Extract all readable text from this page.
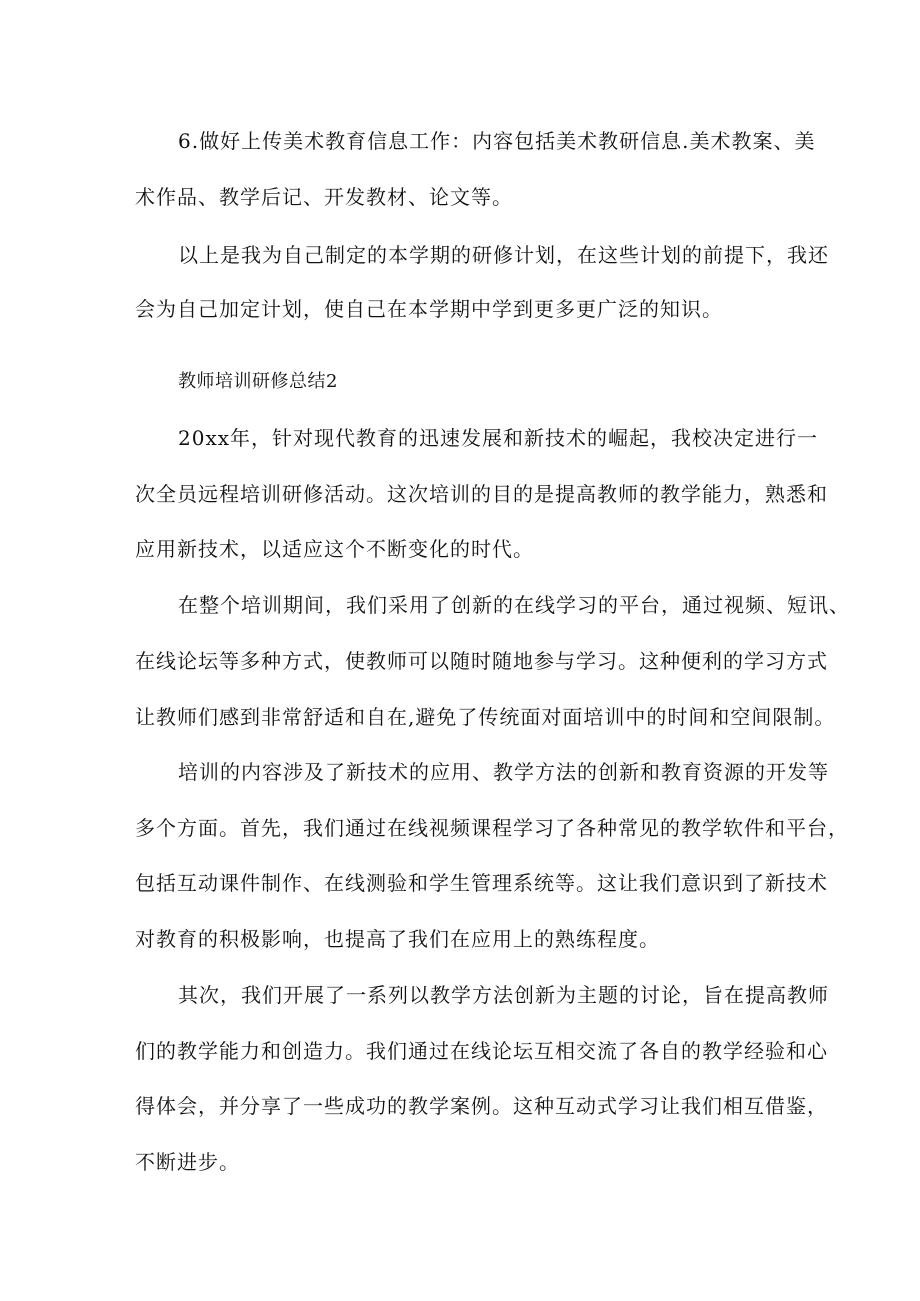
6.做好上传美术教育信息工作：内容包括美术教研信息.美术教案、美
术作品、教学后记、开发教材、论文等。
以上是我为自己制定的本学期的研修计划，在这些计划的前提下，我还
会为自己加定计划，使自己在本学期中学到更多更广泛的知识。
教师培训研修总结2
20xx年，针对现代教育的迅速发展和新技术的崛起，我校决定进行一
次全员远程培训研修活动。这次培训的目的是提高教师的教学能力，熟悉和
应用新技术，以适应这个不断变化的时代。
在整个培训期间，我们采用了创新的在线学习的平台，通过视频、短讯、
在线论坛等多种方式，使教师可以随时随地参与学习。这种便利的学习方式
让教师们感到非常舒适和自在,避免了传统面对面培训中的时间和空间限制。
培训的内容涉及了新技术的应用、教学方法的创新和教育资源的开发等
多个方面。首先，我们通过在线视频课程学习了各种常见的教学软件和平台，
包括互动课件制作、在线测验和学生管理系统等。这让我们意识到了新技术
对教育的积极影响，也提高了我们在应用上的熟练程度。
其次，我们开展了一系列以教学方法创新为主题的讨论，旨在提高教师
们的教学能力和创造力。我们通过在线论坛互相交流了各自的教学经验和心
得体会，并分享了一些成功的教学案例。这种互动式学习让我们相互借鉴，
不断进步。
